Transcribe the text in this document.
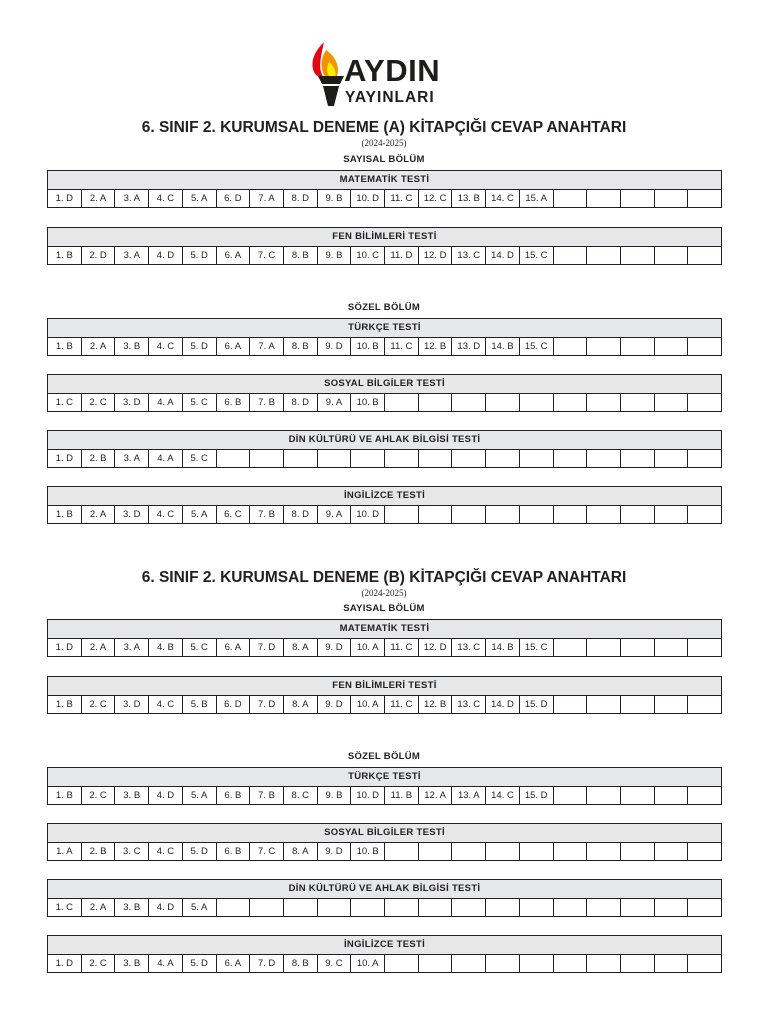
AYDIN
YAYINLARI
6. SINIF 2. KURUMSAL DENEME (A) KİTAPÇIĞI CEVAP ANAHTARI
(2024-2025)
SAYISAL BÖLÜM
MATEMATİK TESTİ
1. D	2. A	3. A	4. C	5. A	6. D	7. A	8. D	9. B	10. D	11. C	12. C	13. B	14. C	15. A
FEN BİLİMLERİ TESTİ
1. B	2. D	3. A	4. D	5. D	6. A	7. C	8. B	9. B	10. C	11. D	12. D	13. C	14. D	15. C
SÖZEL BÖLÜM
TÜRKÇE TESTİ
1. B	2. A	3. B	4. C	5. D	6. A	7. A	8. B	9. D	10. B	11. C	12. B	13. D	14. B	15. C
SOSYAL BİLGİLER TESTİ
1. C	2. C	3. D	4. A	5. C	6. B	7. B	8. D	9. A	10. B
DİN KÜLTÜRÜ VE AHLAK BİLGİSİ TESTİ
1. D	2. B	3. A	4. A	5. C
İNGİLİZCE TESTİ
1. B	2. A	3. D	4. C	5. A	6. C	7. B	8. D	9. A	10. D
6. SINIF 2. KURUMSAL DENEME (B) KİTAPÇIĞI CEVAP ANAHTARI
(2024-2025)
SAYISAL BÖLÜM
MATEMATİK TESTİ
1. D	2. A	3. A	4. B	5. C	6. A	7. D	8. A	9. D	10. A	11. C	12. D	13. C	14. B	15. C
FEN BİLİMLERİ TESTİ
1. B	2. C	3. D	4. C	5. B	6. D	7. D	8. A	9. D	10. A	11. C	12. B	13. C	14. D	15. D
SÖZEL BÖLÜM
TÜRKÇE TESTİ
1. B	2. C	3. B	4. D	5. A	6. B	7. B	8. C	9. B	10. D	11. B	12. A	13. A	14. C	15. D
SOSYAL BİLGİLER TESTİ
1. A	2. B	3. C	4. C	5. D	6. B	7. C	8. A	9. D	10. B
DİN KÜLTÜRÜ VE AHLAK BİLGİSİ TESTİ
1. C	2. A	3. B	4. D	5. A
İNGİLİZCE TESTİ
1. D	2. C	3. B	4. A	5. D	6. A	7. D	8. B	9. C	10. A
